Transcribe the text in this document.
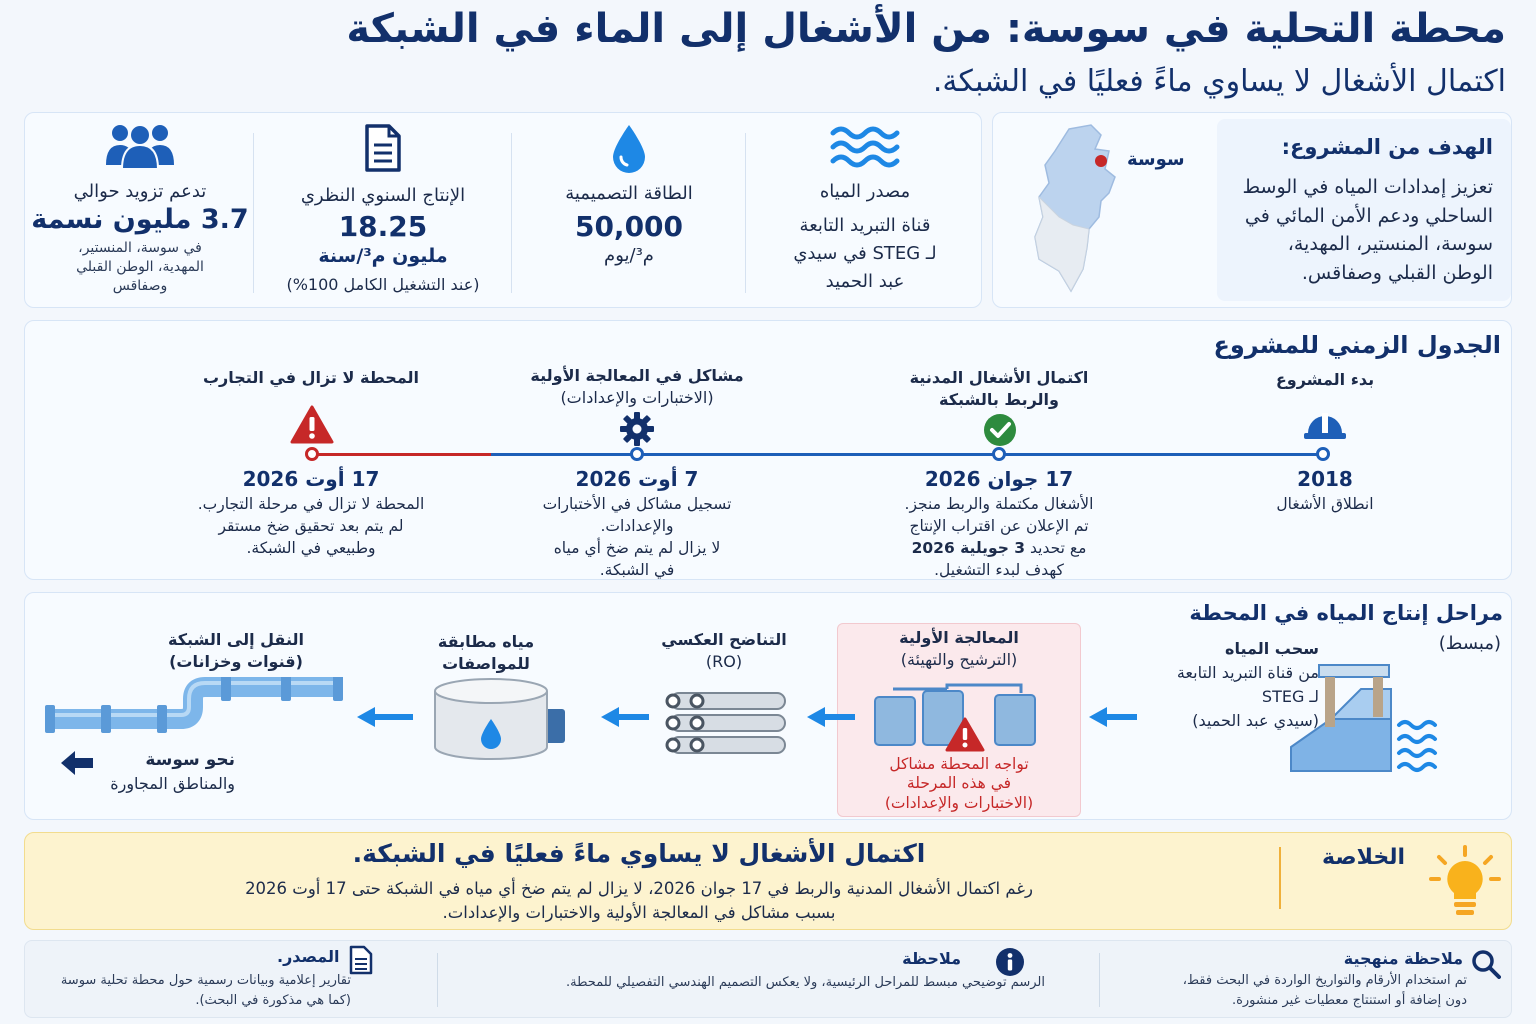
محطة التحلية في سوسة: من الأشغال إلى الماء في الشبكة
اكتمال الأشغال لا يساوي ماءً فعليًا في الشبكة.
الهدف من المشروع:
تعزيز إمدادات المياه في الوسط
الساحلي ودعم الأمن المائي في
سوسة، المنستير، المهدية،
الوطن القبلي وصفاقس.
سوسة
مصدر المياه
قناة التبريد التابعة
لـ STEG في سيدي
عبد الحميد
الطاقة التصميمية
50,000
م³/يوم
الإنتاج السنوي النظري
18.25
مليون م³/سنة
(عند التشغيل الكامل 100%)
تدعم تزويد حوالي
3.7 مليون نسمة
في سوسة، المنستير،
المهدية، الوطن القبلي
وصفاقس
الجدول الزمني للمشروع
بدء المشروع
2018
انطلاق الأشغال
اكتمال الأشغال المدنية
والربط بالشبكة
17 جوان 2026
الأشغال مكتملة والربط منجز.
تم الإعلان عن اقتراب الإنتاج
مع تحديد 3 جويلية 2026
كهدف لبدء التشغيل.
مشاكل في المعالجة الأولية
(الاختبارات والإعدادات)
7 أوت 2026
تسجيل مشاكل في الأختبارات
والإعدادات.
لا يزال لم يتم ضخ أي مياه
في الشبكة.
المحطة لا تزال في التجارب
17 أوت 2026
المحطة لا تزال في مرحلة التجارب.
لم يتم بعد تحقيق ضخ مستقر
وطبيعي في الشبكة.
مراحل إنتاج المياه في المحطة
(مبسط)
سحب المياه
من قناة التبريد التابعة
لـ STEG
(سيدي عبد الحميد)
المعالجة الأولية
(الترشيح والتهيئة)
تواجه المحطة مشاكل
في هذه المرحلة
(الاختبارات والإعدادات)
التناضح العكسي
(RO)
مياه مطابقة
للمواصفات
النقل إلى الشبكة
(قنوات وخزانات)
نحو سوسة
والمناطق المجاورة
الخلاصة
اكتمال الأشغال لا يساوي ماءً فعليًا في الشبكة.
رغم اكتمال الأشغال المدنية والربط في 17 جوان 2026، لا يزال لم يتم ضخ أي مياه في الشبكة حتى 17 أوت 2026
بسبب مشاكل في المعالجة الأولية والاختبارات والإعدادات.
ملاحظة منهجية
تم استخدام الأرقام والتواريخ الواردة في البحث فقط،
دون إضافة أو استنتاج معطيات غير منشورة.
ملاحظة
الرسم توضيحي مبسط للمراحل الرئيسية، ولا يعكس التصميم الهندسي التفصيلي للمحطة.
المصدر.
تقارير إعلامية وبيانات رسمية حول محطة تحلية سوسة
(كما هي مذكورة في البحث).
